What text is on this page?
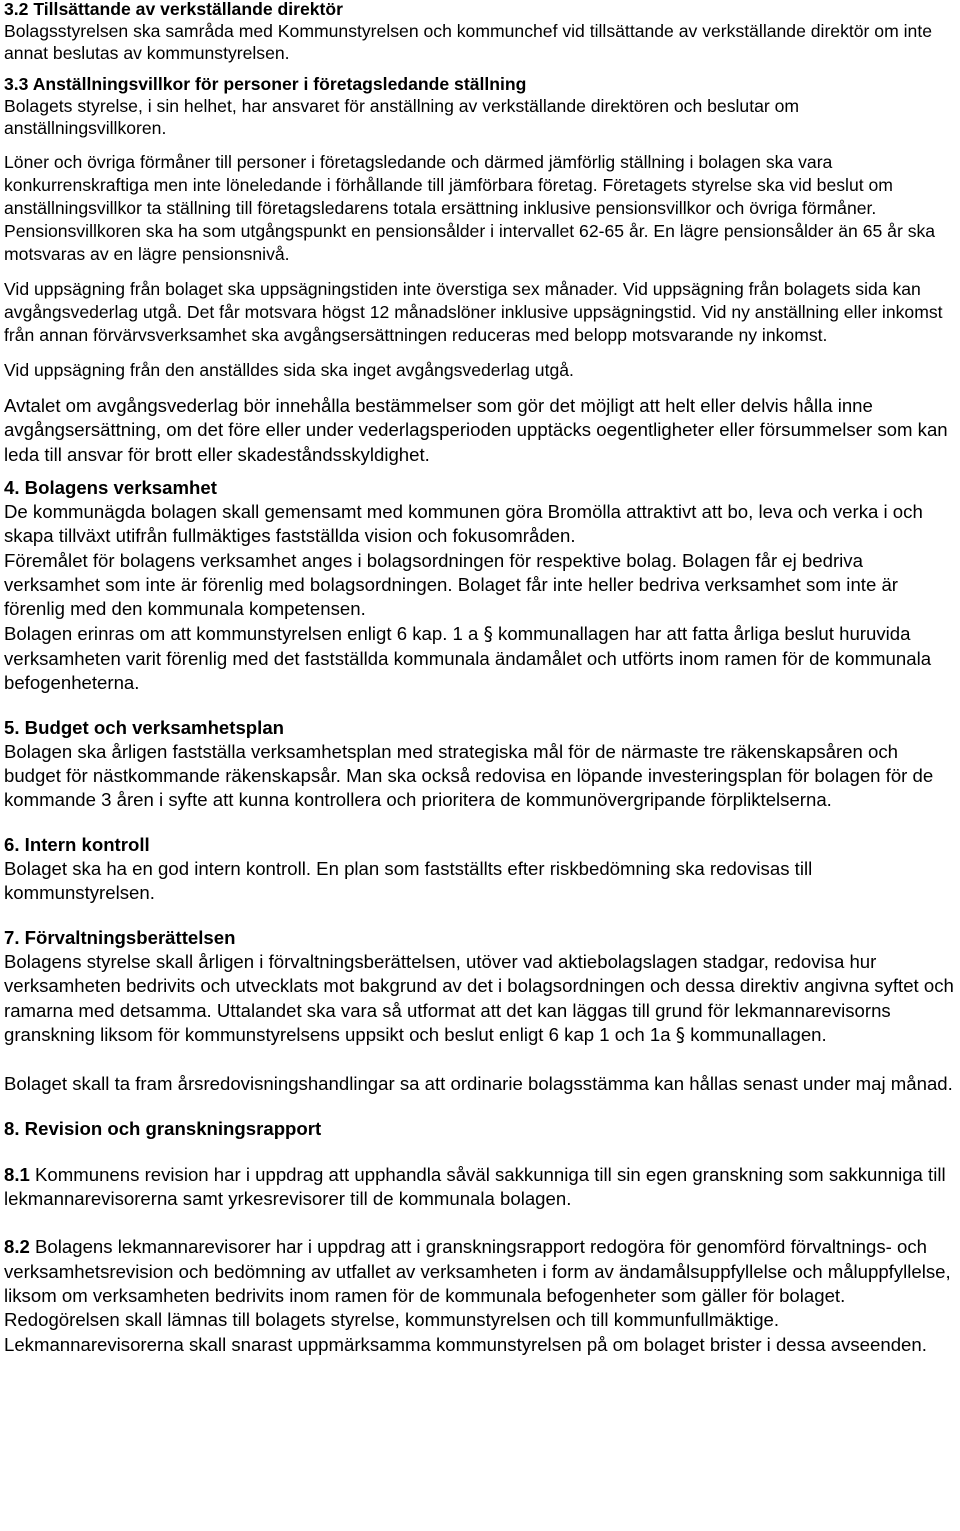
3.2 Tillsättande av verkställande direktör

Bolagsstyrelsen ska samråda med Kommunstyrelsen och kommunchef vid tillsättande av verkställande direktör om inte annat beslutas av kommunstyrelsen.

3.3 Anställningsvillkor för personer i företagsledande ställning

Bolagets styrelse, i sin helhet, har ansvaret för anställning av verkställande direktören och beslutar om anställningsvillkoren.

Löner och övriga förmåner till personer i företagsledande och därmed jämförlig ställning i bolagen ska vara konkurrenskraftiga men inte löneledande i förhållande till jämförbara företag. Företagets styrelse ska vid beslut om anställningsvillkor ta ställning till företagsledarens totala ersättning inklusive pensionsvillkor och övriga förmåner. Pensionsvillkoren ska ha som utgångspunkt en pensionsålder i intervallet 62-65 år. En lägre pensionsålder än 65 år ska motsvaras av en lägre pensionsnivå.

Vid uppsägning från bolaget ska uppsägningstiden inte överstiga sex månader. Vid uppsägning från bolagets sida kan avgångsvederlag utgå. Det får motsvara högst 12 månadslöner inklusive uppsägningstid. Vid ny anställning eller inkomst från annan förvärvsverksamhet ska avgångsersättningen reduceras med belopp motsvarande ny inkomst.

Vid uppsägning från den anställdes sida ska inget avgångsvederlag utgå.

Avtalet om avgångsvederlag bör innehålla bestämmelser som gör det möjligt att helt eller delvis hålla inne avgångsersättning, om det före eller under vederlagsperioden upptäcks oegentligheter eller försummelser som kan leda till ansvar för brott eller skadeståndsskyldighet.

4. Bolagens verksamhet

De kommunägda bolagen skall gemensamt med kommunen göra Bromölla attraktivt att bo, leva och verka i och skapa tillväxt utifrån fullmäktiges fastställda vision och fokusområden.

Föremålet för bolagens verksamhet anges i bolagsordningen för respektive bolag. Bolagen får ej bedriva verksamhet som inte är förenlig med bolagsordningen. Bolaget får inte heller bedriva verksamhet som inte är förenlig med den kommunala kompetensen.

Bolagen erinras om att kommunstyrelsen enligt 6 kap. 1 a § kommunallagen har att fatta årliga beslut huruvida verksamheten varit förenlig med det fastställda kommunala ändamålet och utförts inom ramen för de kommunala befogenheterna.

5. Budget och verksamhetsplan

Bolagen ska årligen fastställa verksamhetsplan med strategiska mål för de närmaste tre räkenskapsåren och budget för nästkommande räkenskapsår. Man ska också redovisa en löpande investeringsplan för bolagen för de kommande 3 åren i syfte att kunna kontrollera och prioritera de kommunövergripande förpliktelserna.

6. Intern kontroll

Bolaget ska ha en god intern kontroll. En plan som fastställts efter riskbedömning ska redovisas till kommunstyrelsen.

7. Förvaltningsberättelsen

Bolagens styrelse skall årligen i förvaltningsberättelsen, utöver vad aktiebolagslagen stadgar, redovisa hur verksamheten bedrivits och utvecklats mot bakgrund av det i bolagsordningen och dessa direktiv angivna syftet och ramarna med detsamma. Uttalandet ska vara så utformat att det kan läggas till grund för lekmannarevisorns granskning liksom för kommunstyrelsens uppsikt och beslut enligt 6 kap 1 och 1a § kommunallagen.

Bolaget skall ta fram årsredovisningshandlingar sa att ordinarie bolagsstämma kan hållas senast under maj månad.

8. Revision och granskningsrapport

8.1 Kommunens revision har i uppdrag att upphandla såväl sakkunniga till sin egen granskning som sakkunniga till lekmannarevisorerna samt yrkesrevisorer till de kommunala bolagen.

8.2 Bolagens lekmannarevisorer har i uppdrag att i granskningsrapport redogöra för genomförd förvaltnings- och verksamhetsrevision och bedömning av utfallet av verksamheten i form av ändamålsuppfyllelse och måluppfyllelse, liksom om verksamheten bedrivits inom ramen för de kommunala befogenheter som gäller för bolaget. Redogörelsen skall lämnas till bolagets styrelse, kommunstyrelsen och till kommunfullmäktige. Lekmannarevisorerna skall snarast uppmärksamma kommunstyrelsen på om bolaget brister i dessa avseenden.
